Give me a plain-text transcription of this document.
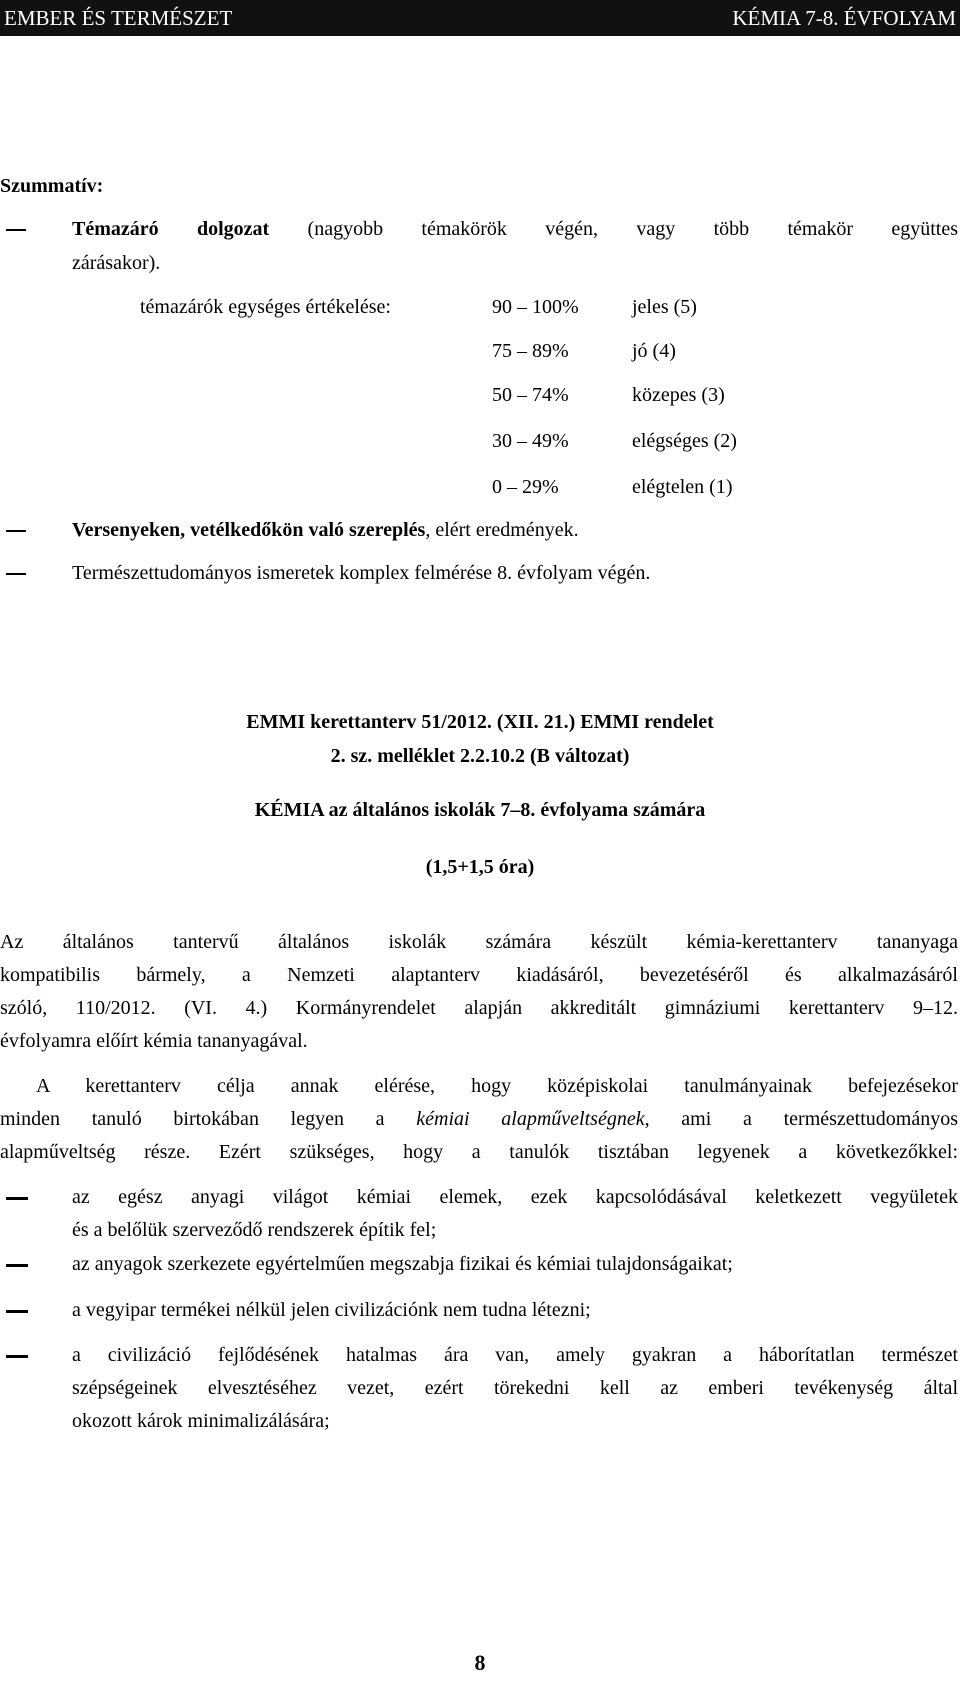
EMBER ÉS TERMÉSZET	KÉMIA 7-8. ÉVFOLYAM
Szummatív:
Témazáró dolgozat (nagyobb témakörök végén, vagy több témakör együttes
zárásakor).
témazárók egységes értékelése:	90 – 100%	jeles (5)
75 – 89%	jó (4)
50 – 74%	közepes (3)
30 – 49%	elégséges (2)
0 – 29%	elégtelen (1)
Versenyeken, vetélkedőkön való szereplés, elért eredmények.
Természettudományos ismeretek komplex felmérése 8. évfolyam végén.
EMMI kerettanterv 51/2012. (XII. 21.) EMMI rendelet
2. sz. melléklet 2.2.10.2 (B változat)
KÉMIA az általános iskolák 7–8. évfolyama számára
(1,5+1,5 óra)
Az általános tantervű általános iskolák számára készült kémia-kerettanterv tananyaga
kompatibilis bármely, a Nemzeti alaptanterv kiadásáról, bevezetéséről és alkalmazásáról
szóló, 110/2012. (VI. 4.) Kormányrendelet alapján akkreditált gimnáziumi kerettanterv 9–12.
évfolyamra előírt kémia tananyagával.
A kerettanterv célja annak elérése, hogy középiskolai tanulmányainak befejezésekor
minden tanuló birtokában legyen a kémiai alapműveltségnek, ami a természettudományos
alapműveltség része. Ezért szükséges, hogy a tanulók tisztában legyenek a következőkkel:
az egész anyagi világot kémiai elemek, ezek kapcsolódásával keletkezett vegyületek
és a belőlük szerveződő rendszerek építik fel;
az anyagok szerkezete egyértelműen megszabja fizikai és kémiai tulajdonságaikat;
a vegyipar termékei nélkül jelen civilizációnk nem tudna létezni;
a civilizáció fejlődésének hatalmas ára van, amely gyakran a háborítatlan természet
szépségeinek elvesztéséhez vezet, ezért törekedni kell az emberi tevékenység által
okozott károk minimalizálására;
8
